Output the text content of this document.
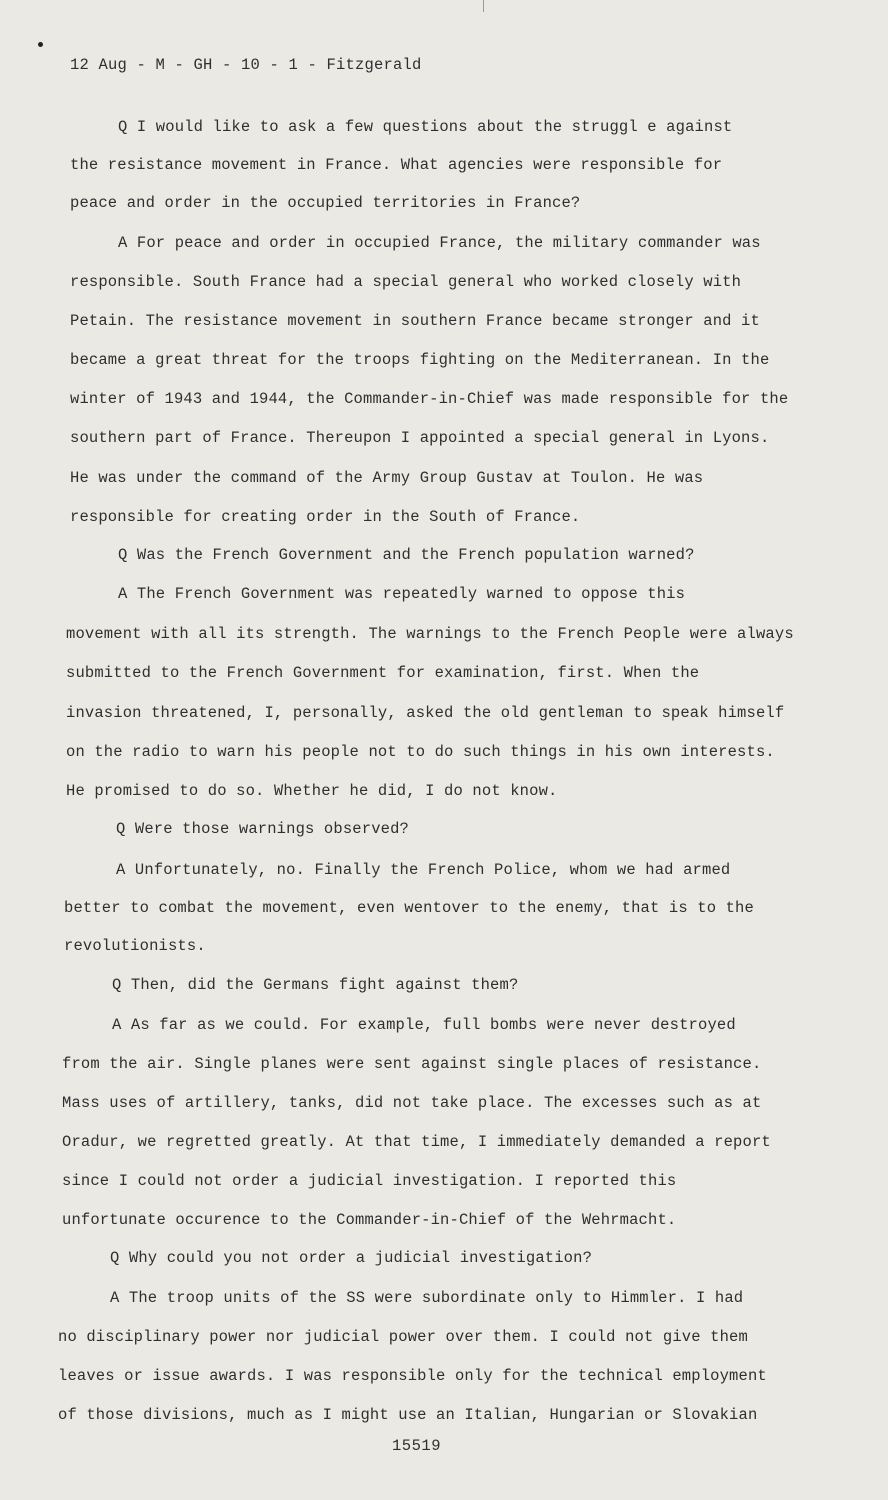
12 Aug - M - GH - 10 - 1 - Fitzgerald
Q I would like to ask a few questions about the struggl e against
the resistance movement in France. What agencies were responsible for
peace and order in the occupied territories in France?
A For peace and order in occupied France, the military commander was
responsible. South France had a special general who worked closely with
Petain. The resistance movement in southern France became stronger and it
became a great threat for the troops fighting on the Mediterranean. In the
winter of 1943 and 1944, the Commander-in-Chief was made responsible for the
southern part of France. Thereupon I appointed a special general in Lyons.
He was under the command of the Army Group Gustav at Toulon. He was
responsible for creating order in the South of France.
Q Was the French Government and the French population warned?
A The French Government was repeatedly warned to oppose this
movement with all its strength. The warnings to the French People were always
submitted to the French Government for examination, first. When the
invasion threatened, I, personally, asked the old gentleman to speak himself
on the radio to warn his people not to do such things in his own interests.
He promised to do so. Whether he did, I do not know.
Q Were those warnings observed?
A Unfortunately, no. Finally the French Police, whom we had armed
better to combat the movement, even wentover to the enemy, that is to the
revolutionists.
Q Then, did the Germans fight against them?
A As far as we could. For example, full bombs were never destroyed
from the air. Single planes were sent against single places of resistance.
Mass uses of artillery, tanks, did not take place. The excesses such as at
Oradur, we regretted greatly. At that time, I immediately demanded a report
since I could not order a judicial investigation. I reported this
unfortunate occurence to the Commander-in-Chief of the Wehrmacht.
Q Why could you not order a judicial investigation?
A The troop units of the SS were subordinate only to Himmler. I had
no disciplinary power nor judicial power over them. I could not give them
leaves or issue awards. I was responsible only for the technical employment
of those divisions, much as I might use an Italian, Hungarian or Slovakian
15519
